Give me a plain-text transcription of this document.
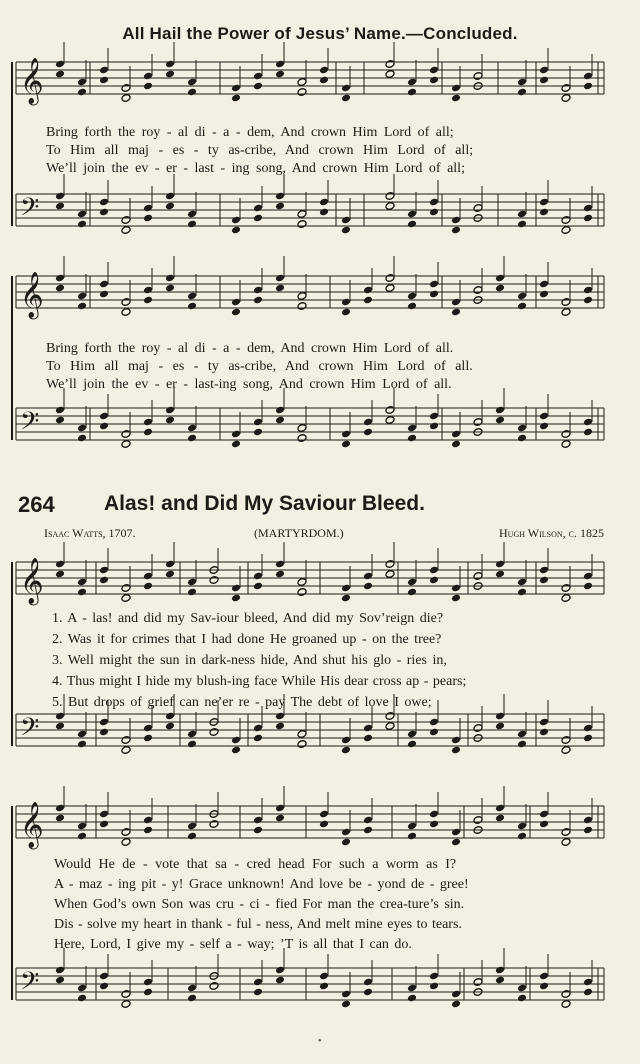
All Hail the Power of Jesus’ Name.—Concluded.
𝄞
𝄢
𝄞
𝄢
𝄞
𝄢
𝄞
𝄢
Bring forth the roy - al di - a - dem, And crown Him Lord of all;
To Him all maj - es - ty as-cribe, And crown Him Lord of all;
We’ll join the ev - er - last - ing song, And crown Him Lord of all;
Bring forth the roy - al di - a - dem, And crown Him Lord of all.
To Him all maj - es - ty as-cribe, And crown Him Lord of all.
We’ll join the ev - er - last-ing song, And crown Him Lord of all.
264 Alas! and Did My Saviour Bleed.
Isaac Watts, 1707.	(MARTYRDOM.)	Hugh Wilson, c. 1825
1. A - las! and did my Sav-iour bleed, And did my Sov’reign die?
2. Was it for crimes that I had done He groaned up - on the tree?
3. Well might the sun in dark-ness hide, And shut his glo - ries in,
4. Thus might I hide my blush-ing face While His dear cross ap - pears;
5. But drops of grief can ne’er re - pay The debt of love I owe;
Would He de - vote that sa - cred head For such a worm as I?
A - maz - ing pit - y! Grace unknown! And love be - yond de - gree!
When God’s own Son was cru - ci - fied For man the crea-ture’s sin.
Dis - solve my heart in thank - ful - ness, And melt mine eyes to tears.
Here, Lord, I give my - self a - way; ’T is all that I can do.
•
